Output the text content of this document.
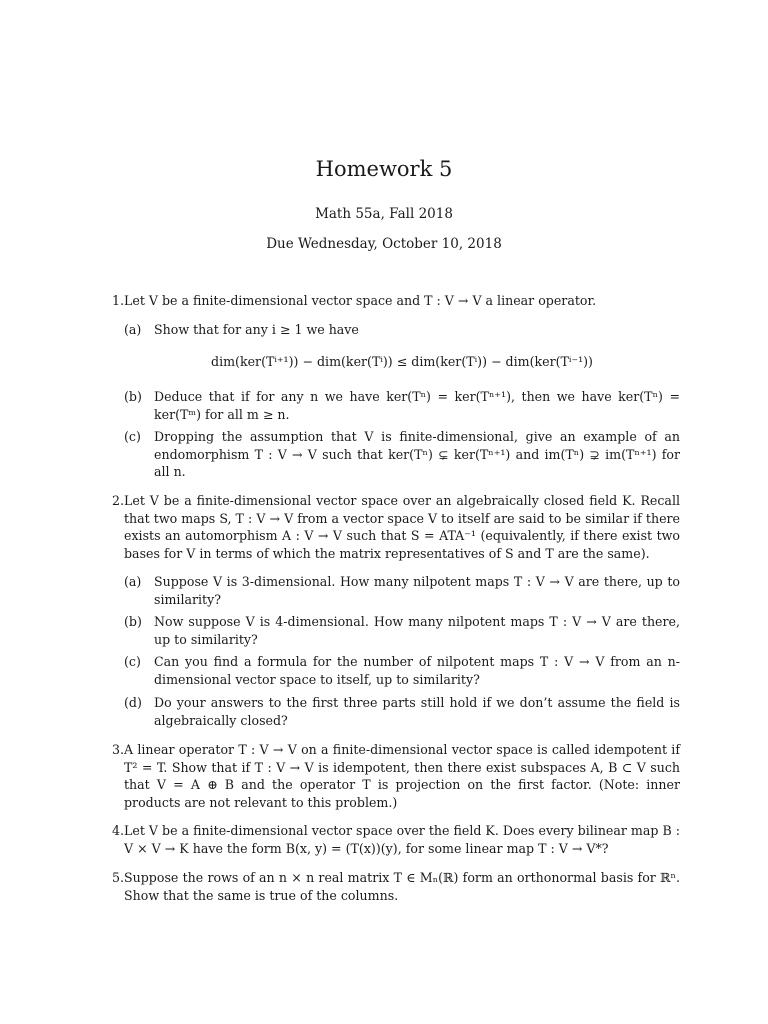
Homework 5
Math 55a, Fall 2018
Due Wednesday, October 10, 2018
1. Let V be a finite-dimensional vector space and T : V → V a linear operator.
(a)	Show that for any i ≥ 1 we have
dim(ker(Tⁱ⁺¹)) − dim(ker(Tⁱ)) ≤ dim(ker(Tⁱ)) − dim(ker(Tⁱ⁻¹))
(b) Deduce that if for any n we have ker(Tⁿ) = ker(Tⁿ⁺¹), then we have ker(Tⁿ) = ker(Tᵐ) for all m ≥ n.
(c)	Dropping the assumption that V is finite-dimensional, give an example of an endomorphism T : V → V such that ker(Tⁿ) ⊊ ker(Tⁿ⁺¹) and im(Tⁿ) ⊋ im(Tⁿ⁺¹) for all n.
2. Let V be a finite-dimensional vector space over an algebraically closed field K. Recall that two maps S, T : V → V from a vector space V to itself are said to be similar if there exists an automorphism A : V → V such that S = ATA⁻¹ (equivalently, if there exist two bases for V in terms of which the matrix representatives of S and T are the same).
(a)	Suppose V is 3-dimensional. How many nilpotent maps T : V → V are there, up to similarity?
(b) Now suppose V is 4-dimensional. How many nilpotent maps T : V → V are there, up to similarity?
(c)	Can you find a formula for the number of nilpotent maps T : V → V from an n-dimensional vector space to itself, up to similarity?
(d) Do your answers to the first three parts still hold if we don’t assume the field is algebraically closed?
3. A linear operator T : V → V on a finite-dimensional vector space is called idempotent if T² = T. Show that if T : V → V is idempotent, then there exist subspaces A, B ⊂ V such that V = A ⊕ B and the operator T is projection on the first factor. (Note: inner products are not relevant to this problem.)
4. Let V be a finite-dimensional vector space over the field K. Does every bilinear map B : V × V → K have the form B(x, y) = (T(x))(y), for some linear map T : V → V*?
5. Suppose the rows of an n × n real matrix T ∈ Mₙ(ℝ) form an orthonormal basis for ℝⁿ. Show that the same is true of the columns.
